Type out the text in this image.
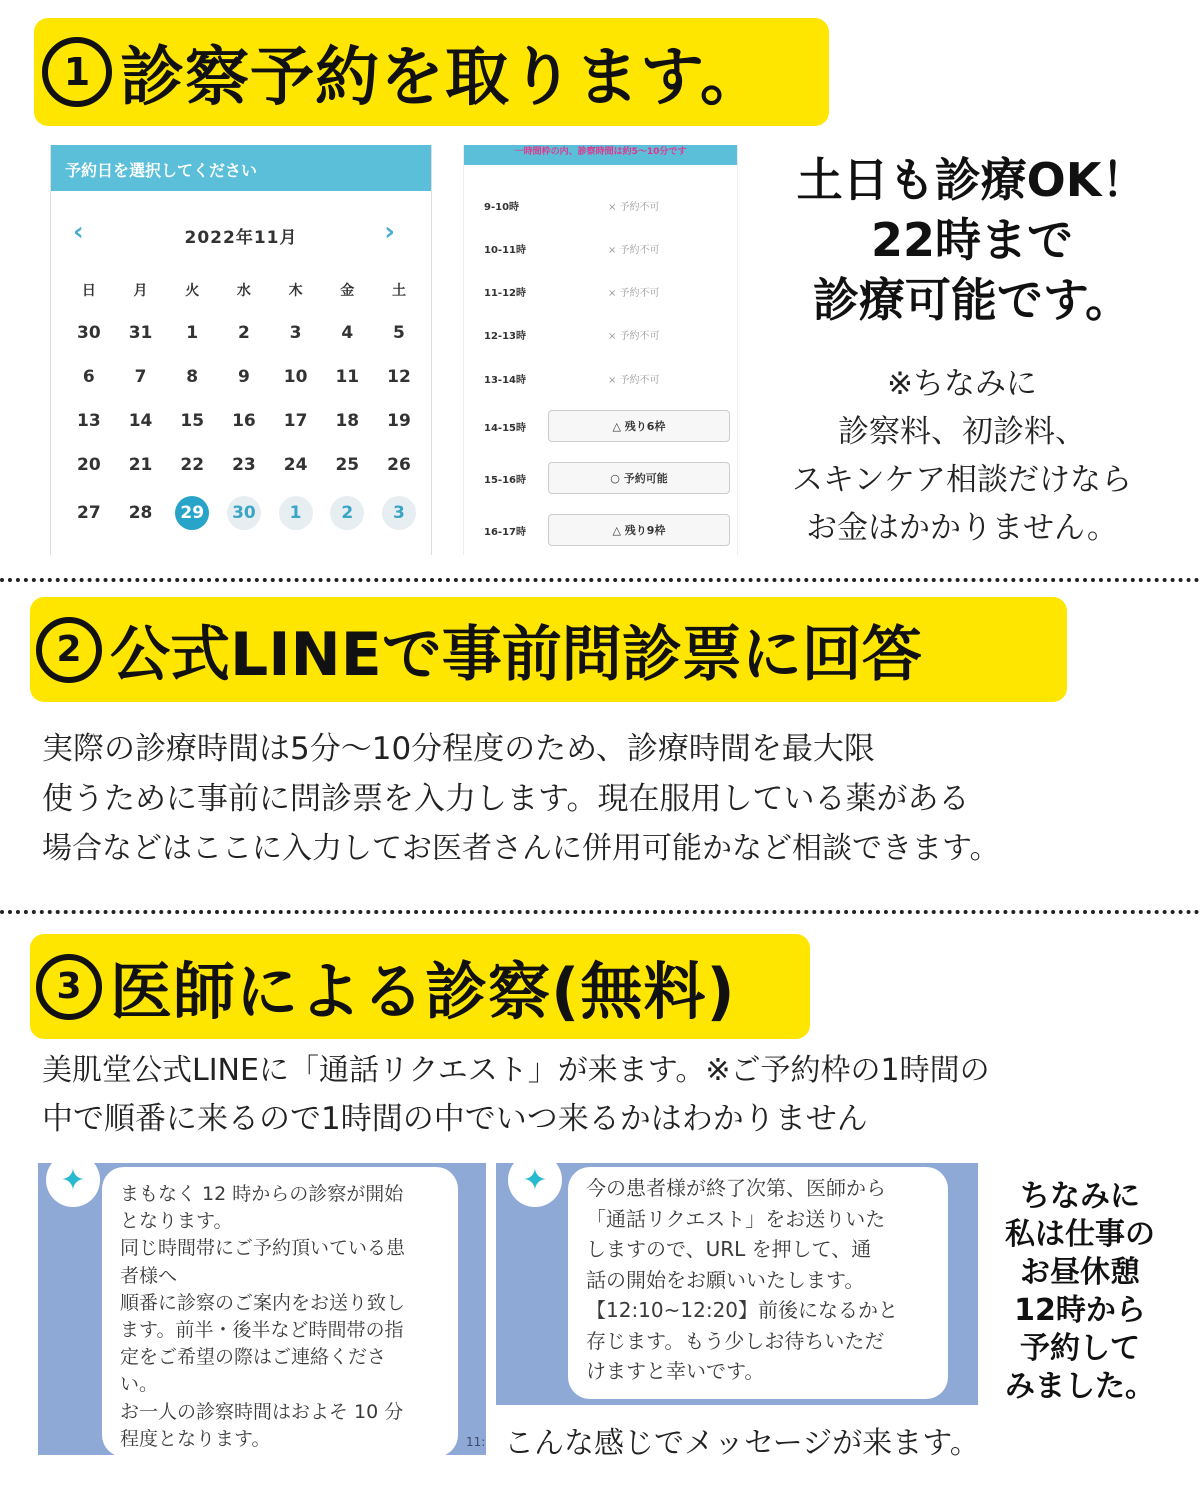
1 診察予約を取ります。
予約日を選択してください
‹	2022年11月	›
日	月	火	水	木	金	土
30	31	1	2	3	4	5
6	7	8	9	10	11	12
13	14	15	16	17	18	19
20	21	22	23	24	25	26
27	28	29	30	1	2	3
一時間枠の内、診察時間は約5～10分です
9-10時	× 予約不可
10-11時	× 予約不可
11-12時	× 予約不可
12-13時	× 予約不可
13-14時	× 予約不可
14-15時	△ 残り6枠
15-16時	○ 予約可能
16-17時	△ 残り9枠
土日も診療OK！
22時まで
診療可能です。
※ちなみに
診察料、初診料、
スキンケア相談だけなら
お金はかかりません。
2 公式LINEで事前問診票に回答
実際の診療時間は5分～10分程度のため、診療時間を最大限
使うために事前に問診票を入力します。現在服用している薬がある
場合などはここに入力してお医者さんに併用可能かなど相談できます。
3 医師による診察(無料)
美肌堂公式LINEに「通話リクエスト」が来ます。※ご予約枠の1時間の
中で順番に来るので1時間の中でいつ来るかはわかりません
✦	まもなく 12 時からの診察が開始
となります。
同じ時間帯にご予約頂いている患
者様へ
順番に診察のご案内をお送り致し
ます。前半・後半など時間帯の指
定をご希望の際はご連絡くださ
い。
お一人の診察時間はおよそ 10 分
程度となります。	11:
✦	今の患者様が終了次第、医師から
「通話リクエスト」をお送りいた
しますので、URL を押して、通
話の開始をお願いいたします。
【12:10~12:20】前後になるかと
存じます。もう少しお待ちいただ
けますと幸いです。
こんな感じでメッセージが来ます。
ちなみに
私は仕事の
お昼休憩
12時から
予約して
みました。
